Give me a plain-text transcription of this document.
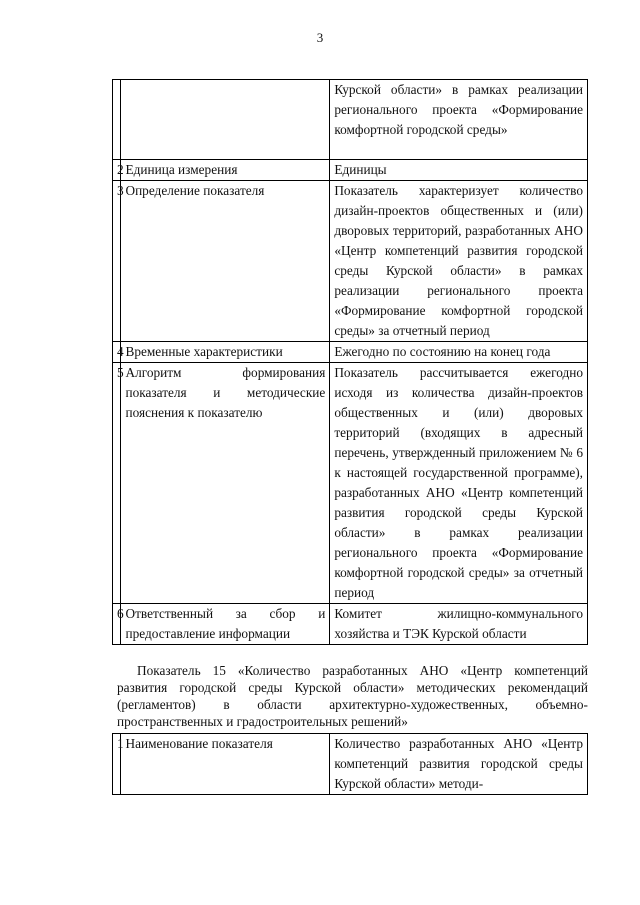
3
		Курской области» в рамках реализации регионального проекта «Формирование комфортной городской среды»
2	Единица измерения	Единицы
3	Определение показателя	Показатель характеризует количество дизайн-проектов общественных и (или) дворовых территорий, разработанных АНО «Центр компетенций развития городской среды Курской области» в рамках реализации регионального проекта «Формирование комфортной городской среды» за отчетный период
4	Временные характеристики	Ежегодно по состоянию на конец года
5	Алгоритм формирования показателя и методические пояснения к показателю	Показатель рассчитывается ежегодно исходя из количества дизайн-проектов общественных и (или) дворовых территорий (входящих в адресный перечень, утвержденный приложением № 6 к настоящей государственной программе), разработанных АНО «Центр компетенций развития городской среды Курской области» в рамках реализации регионального проекта «Формирование комфортной городской среды» за отчетный период
6	Ответственный за сбор и предоставление информации	Комитет жилищно-коммунального хозяйства и ТЭК Курской области

Показатель 15 «Количество разработанных АНО «Центр компетенций развития городской среды Курской области» методических рекомендаций (регламентов) в области архитектурно-художественных, объемно-пространственных и градостроительных решений»

1	Наименование показателя	Количество разработанных АНО «Центр компетенций развития городской среды Курской области» методи-
